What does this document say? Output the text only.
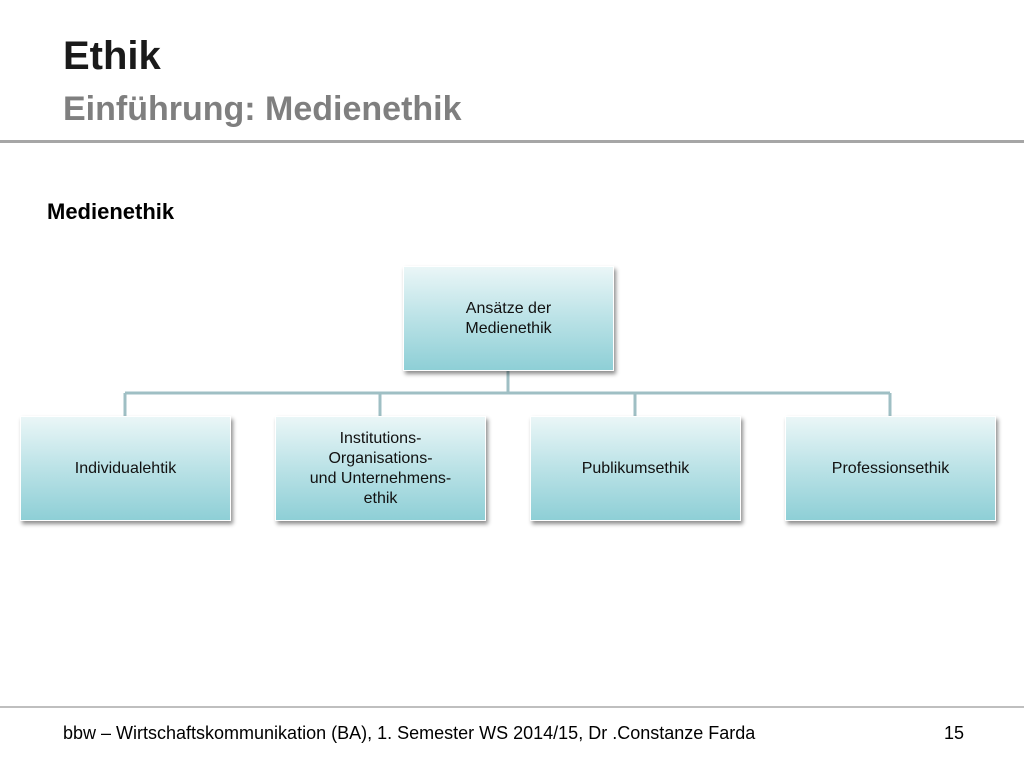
Ethik
Einführung: Medienethik
Medienethik
Ansätze der
Medienethik
Individualehtik
Institutions-
Organisations-
und Unternehmens-
ethik
Publikumsethik	Professionsethik
bbw – Wirtschaftskommunikation (BA), 1. Semester WS 2014/15, Dr .Constanze Farda	15
